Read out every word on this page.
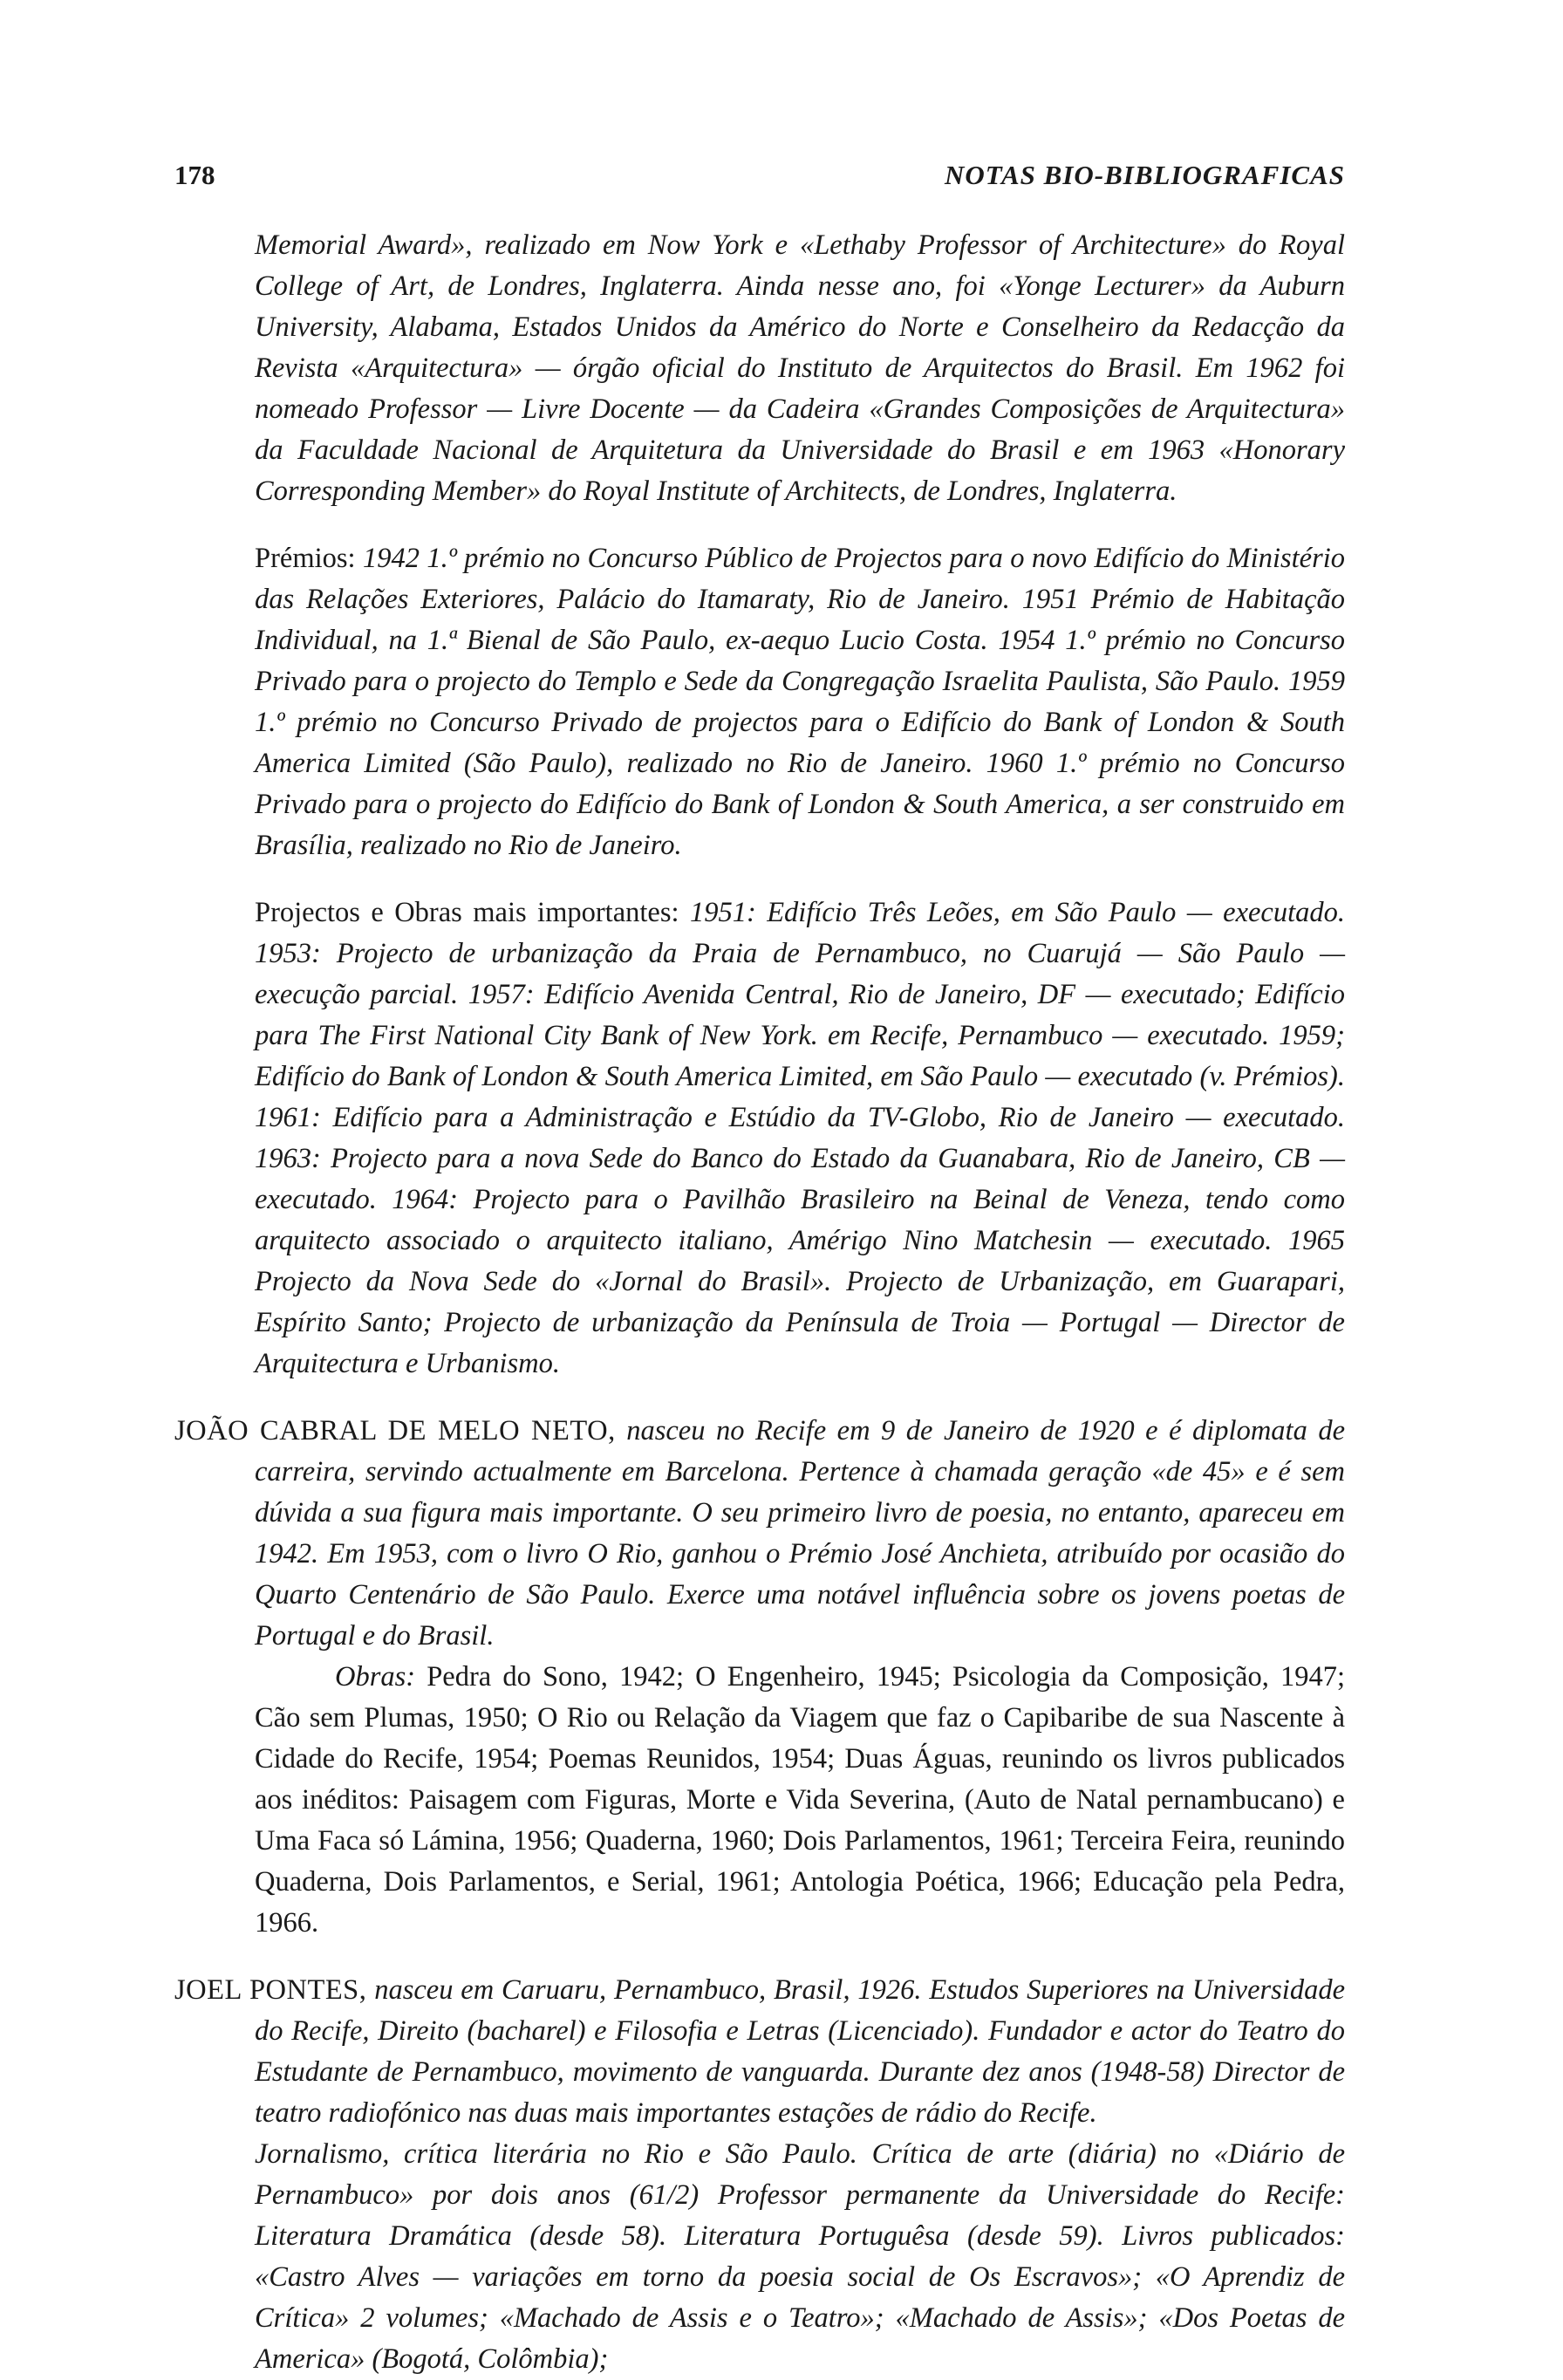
178	NOTAS BIO-BIBLIOGRAFICAS

Memorial Award», realizado em Now York e «Lethaby Professor of Architecture» do Royal College of Art, de Londres, Inglaterra. Ainda nesse ano, foi «Yonge Lecturer» da Auburn University, Alabama, Estados Unidos da Américo do Norte e Conselheiro da Redacção da Revista «Arquitectura» — órgão oficial do Instituto de Arquitectos do Brasil. Em 1962 foi nomeado Professor — Livre Docente — da Cadeira «Grandes Composições de Arquitectura» da Faculdade Nacional de Arquitetura da Universidade do Brasil e em 1963 «Honorary Corresponding Member» do Royal Institute of Architects, de Londres, Inglaterra.

Prémios: 1942 1.º prémio no Concurso Público de Projectos para o novo Edifício do Ministério das Relações Exteriores, Palácio do Itamaraty, Rio de Janeiro. 1951 Prémio de Habitação Individual, na 1.ª Bienal de São Paulo, ex-aequo Lucio Costa. 1954 1.º prémio no Concurso Privado para o projecto do Templo e Sede da Congregação Israelita Paulista, São Paulo. 1959 1.º prémio no Concurso Privado de projectos para o Edifício do Bank of London & South America Limited (São Paulo), realizado no Rio de Janeiro. 1960 1.º prémio no Concurso Privado para o projecto do Edifício do Bank of London & South America, a ser construido em Brasília, realizado no Rio de Janeiro.

Projectos e Obras mais importantes: 1951: Edifício Três Leões, em São Paulo — executado. 1953: Projecto de urbanização da Praia de Pernambuco, no Cuarujá — São Paulo — execução parcial. 1957: Edifício Avenida Central, Rio de Janeiro, DF — executado; Edifício para The First National City Bank of New York. em Recife, Pernambuco — executado. 1959; Edifício do Bank of London & South America Limited, em São Paulo — executado (v. Prémios). 1961: Edifício para a Administração e Estúdio da TV-Globo, Rio de Janeiro — executado. 1963: Projecto para a nova Sede do Banco do Estado da Guanabara, Rio de Janeiro, CB — executado. 1964: Projecto para o Pavilhão Brasileiro na Beinal de Veneza, tendo como arquitecto associado o arquitecto italiano, Amérigo Nino Matchesin — executado. 1965 Projecto da Nova Sede do «Jornal do Brasil». Projecto de Urbanização, em Guarapari, Espírito Santo; Projecto de urbanização da Península de Troia — Portugal — Director de Arquitectura e Urbanismo.

JOÃO CABRAL DE MELO NETO, nasceu no Recife em 9 de Janeiro de 1920 e é diplomata de carreira, servindo actualmente em Barcelona. Pertence à chamada geração «de 45» e é sem dúvida a sua figura mais importante. O seu primeiro livro de poesia, no entanto, apareceu em 1942. Em 1953, com o livro O Rio, ganhou o Prémio José Anchieta, atribuído por ocasião do Quarto Centenário de São Paulo. Exerce uma notável influência sobre os jovens poetas de Portugal e do Brasil.

Obras: Pedra do Sono, 1942; O Engenheiro, 1945; Psicologia da Composição, 1947; Cão sem Plumas, 1950; O Rio ou Relação da Viagem que faz o Capibaribe de sua Nascente à Cidade do Recife, 1954; Poemas Reunidos, 1954; Duas Águas, reunindo os livros publicados aos inéditos: Paisagem com Figuras, Morte e Vida Severina, (Auto de Natal pernambucano) e Uma Faca só Lámina, 1956; Quaderna, 1960; Dois Parlamentos, 1961; Terceira Feira, reunindo Quaderna, Dois Parlamentos, e Serial, 1961; Antologia Poética, 1966; Educação pela Pedra, 1966.

JOEL PONTES, nasceu em Caruaru, Pernambuco, Brasil, 1926. Estudos Superiores na Universidade do Recife, Direito (bacharel) e Filosofia e Letras (Licenciado). Fundador e actor do Teatro do Estudante de Pernambuco, movimento de vanguarda. Durante dez anos (1948-58) Director de teatro radiofónico nas duas mais importantes estações de rádio do Recife.

Jornalismo, crítica literária no Rio e São Paulo. Crítica de arte (diária) no «Diário de Pernambuco» por dois anos (61/2) Professor permanente da Universidade do Recife: Literatura Dramática (desde 58). Literatura Portuguêsa (desde 59). Livros publicados: «Castro Alves — variações em torno da poesia social de Os Escravos»; «O Aprendiz de Crítica» 2 volumes; «Machado de Assis e o Teatro»; «Machado de Assis»; «Dos Poetas de America» (Bogotá, Colômbia);
